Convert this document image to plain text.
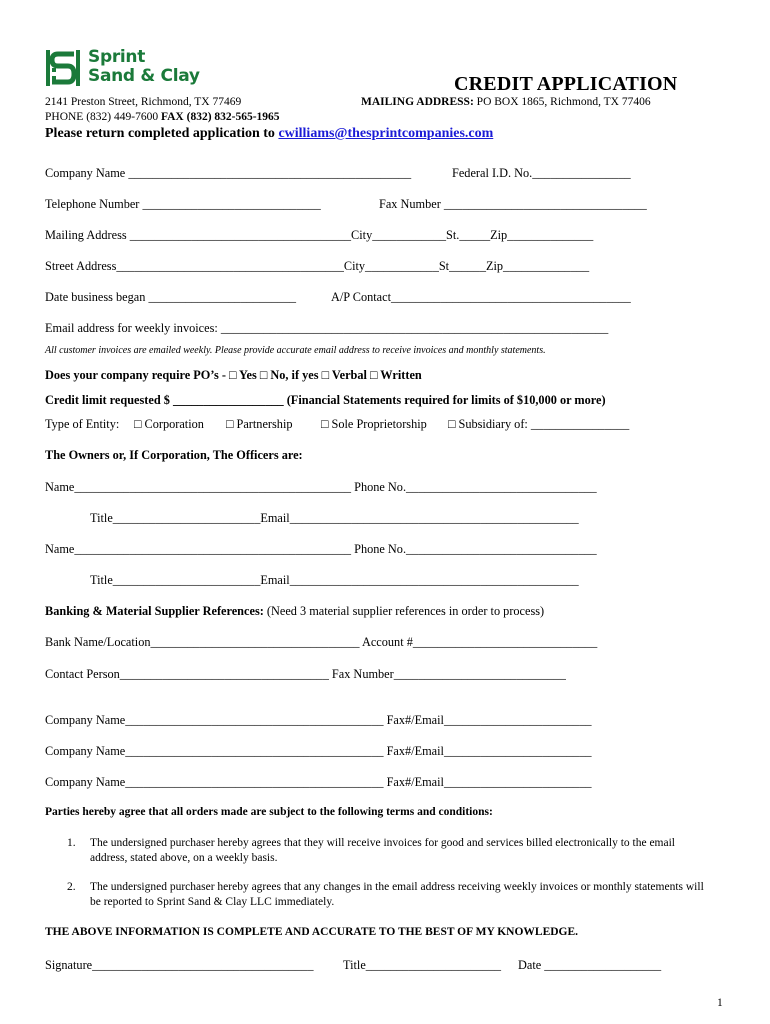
Sprint
Sand & Clay	CREDIT APPLICATION
2141 Preston Street, Richmond, TX 77469	MAILING ADDRESS: PO BOX 1865, Richmond, TX 77406
PHONE (832) 449-7600 FAX (832) 832-565-1965
Please return completed application to cwilliams@thesprintcompanies.com
Company Name ______________________________________________	Federal I.D. No.________________
Telephone Number _____________________________	Fax Number _________________________________
Mailing Address ____________________________________City____________St._____Zip______________
Street Address_____________________________________City____________St______Zip______________
Date business began ________________________	A/P Contact_______________________________________
Email address for weekly invoices: _______________________________________________________________
All customer invoices are emailed weekly. Please provide accurate email address to receive invoices and monthly statements.
Does your company require PO’s - □ Yes □ No, if yes □ Verbal □ Written
Credit limit requested $ __________________ (Financial Statements required for limits of $10,000 or more)
Type of Entity: □ Corporation □ Partnership □ Sole Proprietorship □ Subsidiary of: ________________
The Owners or, If Corporation, The Officers are:
Name_____________________________________________ Phone No._______________________________
Title________________________Email_______________________________________________
Name_____________________________________________ Phone No._______________________________
Title________________________Email_______________________________________________
Banking & Material Supplier References: (Need 3 material supplier references in order to process)
Bank Name/Location__________________________________ Account #______________________________
Contact Person__________________________________ Fax Number____________________________
Company Name__________________________________________ Fax#/Email________________________
Company Name__________________________________________ Fax#/Email________________________
Company Name__________________________________________ Fax#/Email________________________
Parties hereby agree that all orders made are subject to the following terms and conditions:
1. The undersigned purchaser hereby agrees that they will receive invoices for good and services billed electronically to the email address, stated above, on a weekly basis.
2. The undersigned purchaser hereby agrees that any changes in the email address receiving weekly invoices or monthly statements will be reported to Sprint Sand & Clay LLC immediately.
THE ABOVE INFORMATION IS COMPLETE AND ACCURATE TO THE BEST OF MY KNOWLEDGE.
Signature____________________________________ Title______________________ Date ___________________
1
